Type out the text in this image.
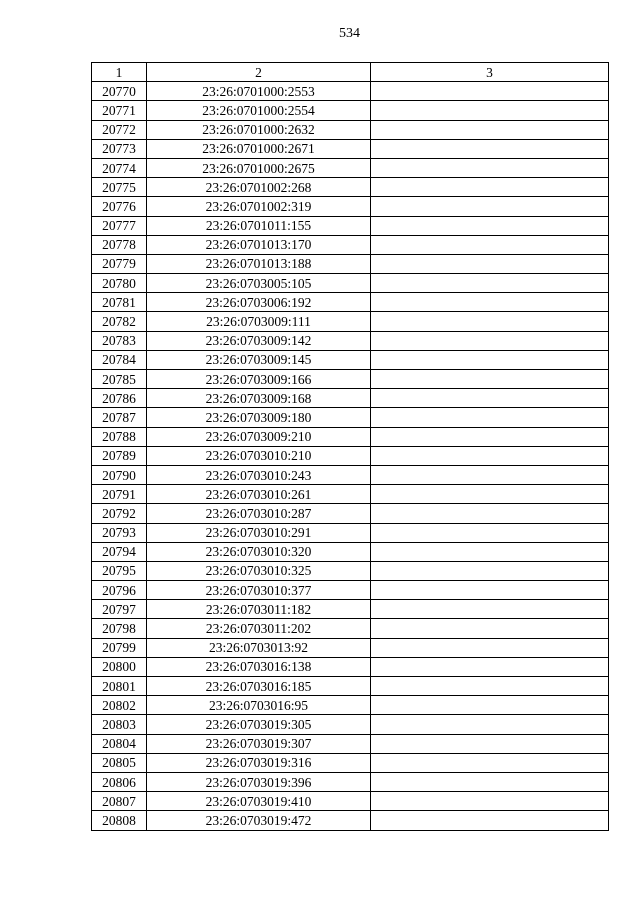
534
1	2	3
20770	23:26:0701000:2553	
20771	23:26:0701000:2554	
20772	23:26:0701000:2632	
20773	23:26:0701000:2671	
20774	23:26:0701000:2675	
20775	23:26:0701002:268	
20776	23:26:0701002:319	
20777	23:26:0701011:155	
20778	23:26:0701013:170	
20779	23:26:0701013:188	
20780	23:26:0703005:105	
20781	23:26:0703006:192	
20782	23:26:0703009:111	
20783	23:26:0703009:142	
20784	23:26:0703009:145	
20785	23:26:0703009:166	
20786	23:26:0703009:168	
20787	23:26:0703009:180	
20788	23:26:0703009:210	
20789	23:26:0703010:210	
20790	23:26:0703010:243	
20791	23:26:0703010:261	
20792	23:26:0703010:287	
20793	23:26:0703010:291	
20794	23:26:0703010:320	
20795	23:26:0703010:325	
20796	23:26:0703010:377	
20797	23:26:0703011:182	
20798	23:26:0703011:202	
20799	23:26:0703013:92	
20800	23:26:0703016:138	
20801	23:26:0703016:185	
20802	23:26:0703016:95	
20803	23:26:0703019:305	
20804	23:26:0703019:307	
20805	23:26:0703019:316	
20806	23:26:0703019:396	
20807	23:26:0703019:410	
20808	23:26:0703019:472	
